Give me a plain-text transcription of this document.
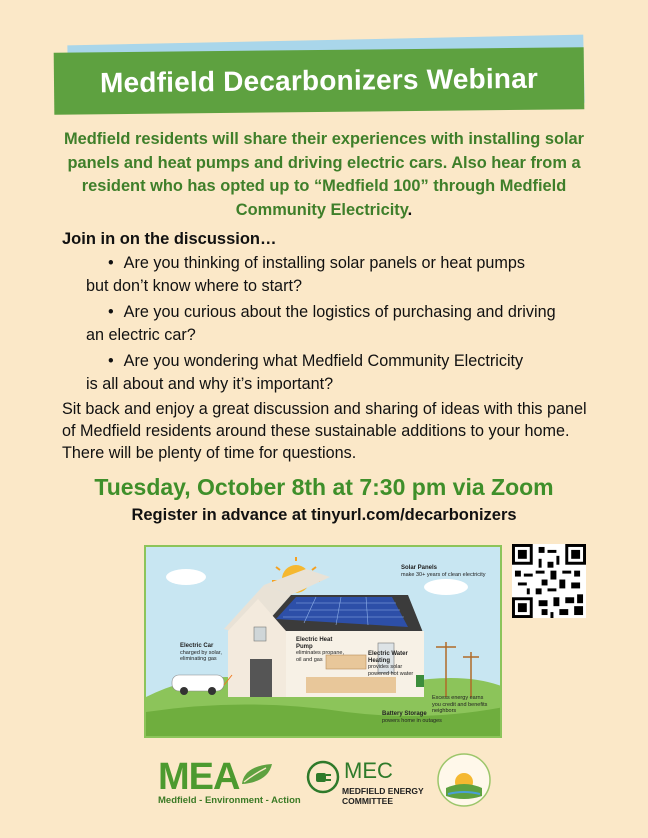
Medfield Decarbonizers Webinar

Medfield residents will share their experiences with installing solar panels and heat pumps and driving electric cars. Also hear from a resident who has opted up to “Medfield 100” through Medfield Community Electricity.

Join in on the discussion…
• Are you thinking of installing solar panels or heat pumps
but don’t know where to start?
• Are you curious about the logistics of purchasing and driving
an electric car?
• Are you wondering what Medfield Community Electricity
is all about and why it’s important?

Sit back and enjoy a great discussion and sharing of ideas with this panel of Medfield residents around these sustainable additions to your home. There will be plenty of time for questions.

Tuesday, October 8th at 7:30 pm via Zoom
Register in advance at tinyurl.com/decarbonizers
Solar Panels
make 30+ years of clean electricity
Electric Heat Pump
eliminates propane, oil and gas
Electric Water Heating
provides solar powered hot water
Electric Car
charged by solar, eliminating gas
Excess energy earns you credit and benefits neighbors
Battery Storage
powers home in outages
MEA
Medfield - Environment - Action
MEC
MEDFIELD ENERGY
COMMITTEE
